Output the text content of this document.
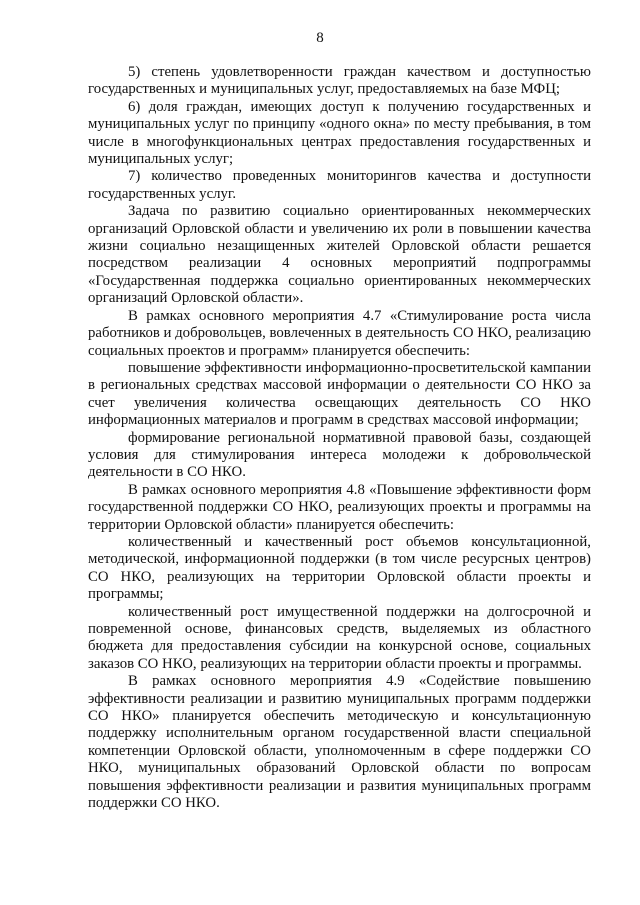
8

5) степень удовлетворенности граждан качеством и доступностью государственных и муниципальных услуг, предоставляемых на базе МФЦ;

6) доля граждан, имеющих доступ к получению государственных и муниципальных услуг по принципу «одного окна» по месту пребывания, в том числе в многофункциональных центрах предоставления государственных и муниципальных услуг;

7) количество проведенных мониторингов качества и доступности государственных услуг.

Задача по развитию социально ориентированных некоммерческих организаций Орловской области и увеличению их роли в повышении качества жизни социально незащищенных жителей Орловской области решается посредством реализации 4 основных мероприятий подпрограммы «Государственная поддержка социально ориентированных некоммерческих организаций Орловской области».

В рамках основного мероприятия 4.7 «Стимулирование роста числа работников и добровольцев, вовлеченных в деятельность СО НКО, реализацию социальных проектов и программ» планируется обеспечить:

повышение эффективности информационно-просветительской кампании в региональных средствах массовой информации о деятельности СО НКО за счет увеличения количества освещающих деятельность СО НКО информационных материалов и программ в средствах массовой информации;

формирование региональной нормативной правовой базы, создающей условия для стимулирования интереса молодежи к добровольческой деятельности в СО НКО.

В рамках основного мероприятия 4.8 «Повышение эффективности форм государственной поддержки СО НКО, реализующих проекты и программы на территории Орловской области» планируется обеспечить:

количественный и качественный рост объемов консультационной, методической, информационной поддержки (в том числе ресурсных центров) СО НКО, реализующих на территории Орловской области проекты и программы;

количественный рост имущественной поддержки на долгосрочной и повременной основе, финансовых средств, выделяемых из областного бюджета для предоставления субсидии на конкурсной основе, социальных заказов СО НКО, реализующих на территории области проекты и программы.

В рамках основного мероприятия 4.9 «Содействие повышению эффективности реализации и развитию муниципальных программ поддержки СО НКО» планируется обеспечить методическую и консультационную поддержку исполнительным органом государственной власти специальной компетенции Орловской области, уполномоченным в сфере поддержки СО НКО, муниципальных образований Орловской области по вопросам повышения эффективности реализации и развития муниципальных программ поддержки СО НКО.
